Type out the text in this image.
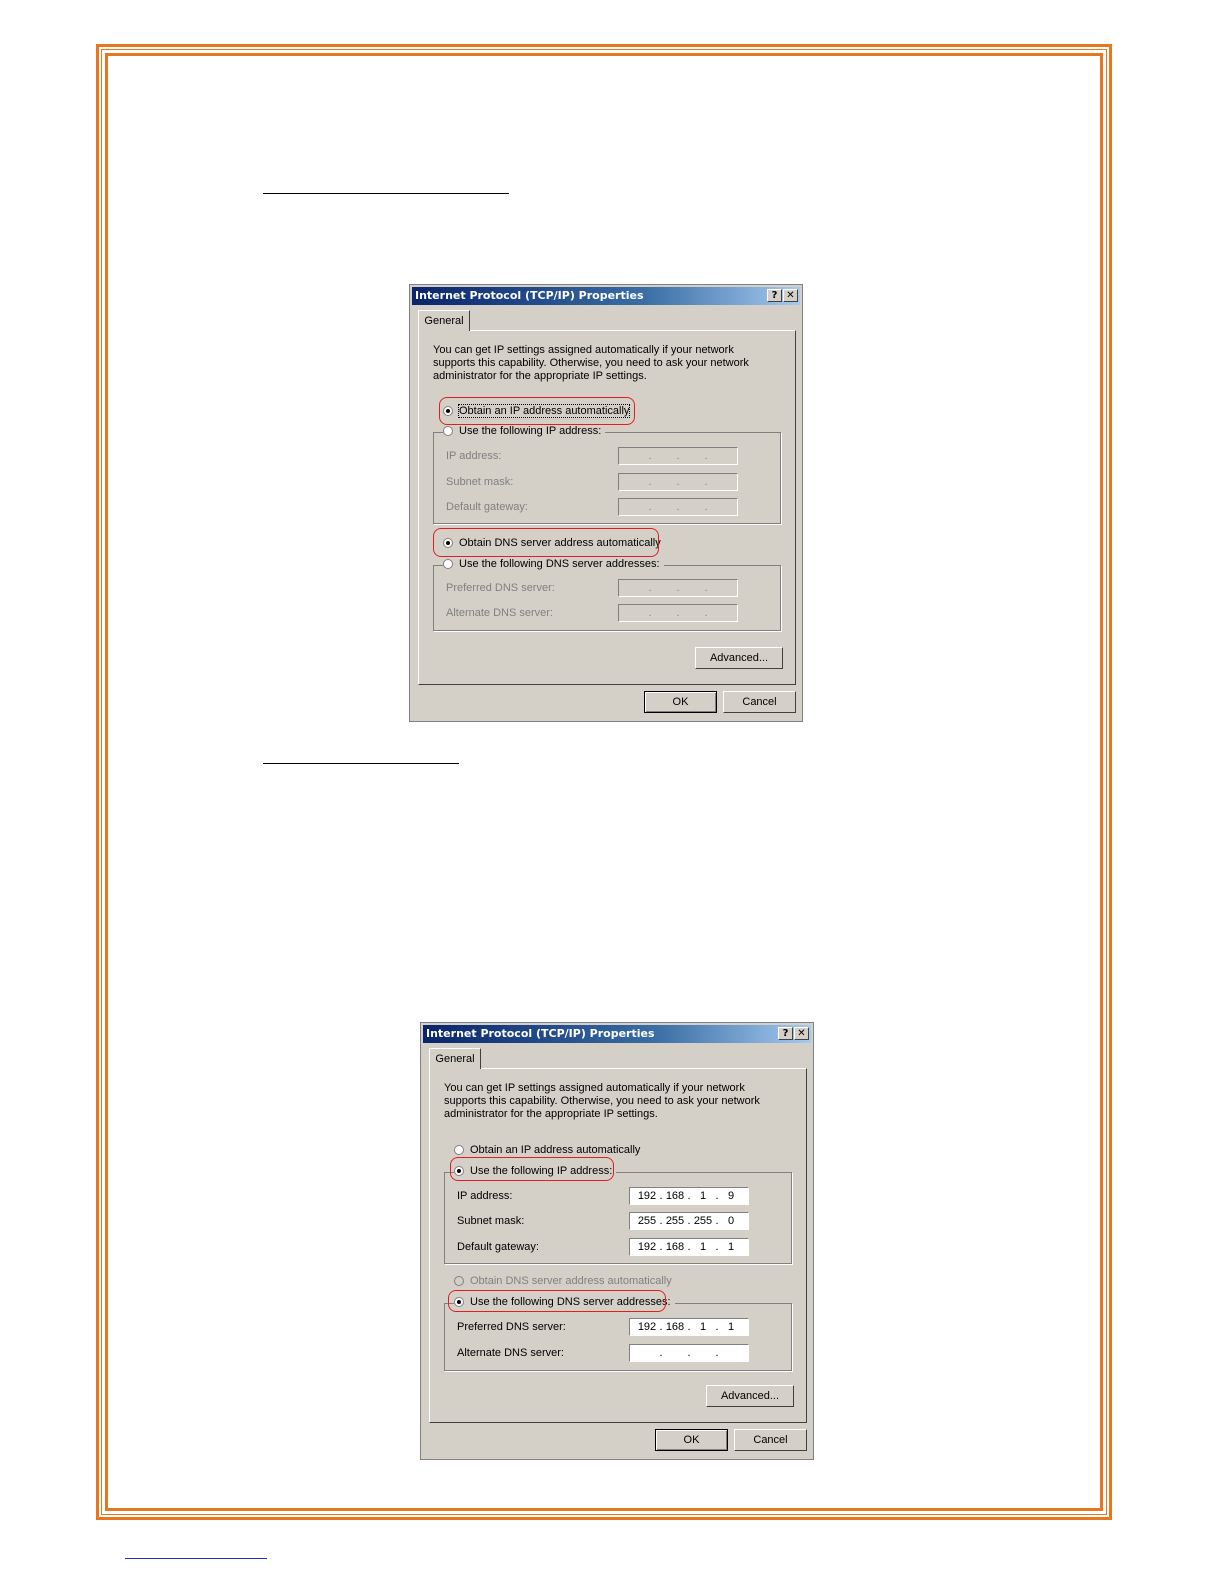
Internet Protocol (TCP/IP) Properties	? ✕
General
You can get IP settings assigned automatically if your network supports this capability. Otherwise, you need to ask your network administrator for the appropriate IP settings.
Obtain an IP address automatically
IP address:	. . .
Subnet mask:	. . .
Default gateway:	. . .
Use the following IP address:
Obtain DNS server address automatically
Preferred DNS server:	. . .
Alternate DNS server:	. . .
Use the following DNS server addresses:
Advanced...
OK	Cancel
Internet Protocol (TCP/IP) Properties	? ✕
General
You can get IP settings assigned automatically if your network supports this capability. Otherwise, you need to ask your network administrator for the appropriate IP settings.
Obtain an IP address automatically
IP address:	192 . 168 . 1 . 9
Subnet mask:	255 . 255 . 255 . 0
Default gateway:	192 . 168 . 1 . 1
Use the following IP address:
Obtain DNS server address automatically
Preferred DNS server:	192 . 168 . 1 . 1
Alternate DNS server:	. . .
Use the following DNS server addresses:
Advanced...
OK	Cancel
